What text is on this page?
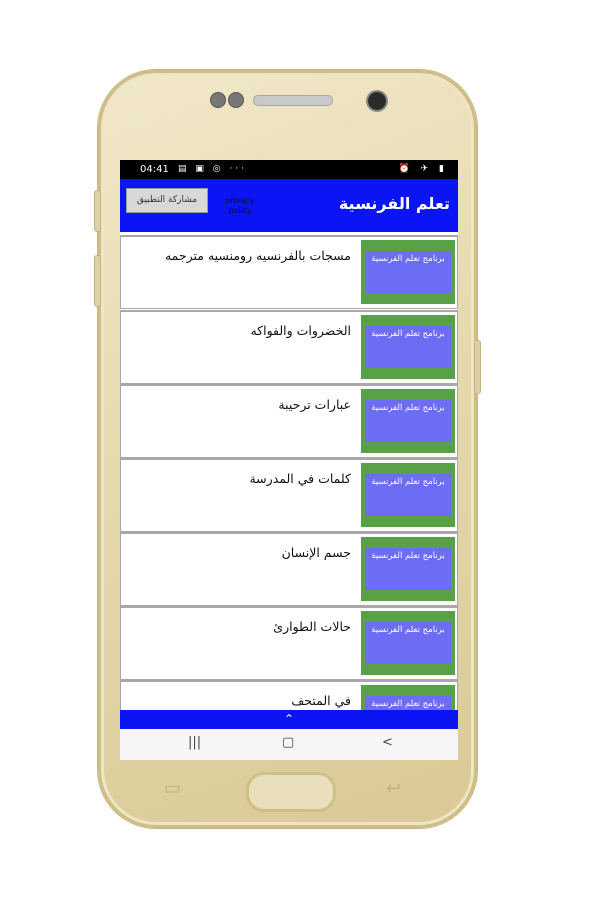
04:41 ▤ ▣ ◎ ···	⏰ ✈ ▮
مشاركة التطبيق	privacy policy	تعلم الفرنسية
برنامج تعلم الفرنسية
مسجات بالفرنسيه رومنسيه مترجمه
برنامج تعلم الفرنسية
الخضروات والفواكه
برنامج تعلم الفرنسية
عبارات ترحيبة
برنامج تعلم الفرنسية
كلمات في المدرسة
برنامج تعلم الفرنسية
جسم الإنسان
برنامج تعلم الفرنسية
حالات الطوارئ
برنامج تعلم الفرنسية
في المتحف
⌃
|||	▢	<
▭	↩
